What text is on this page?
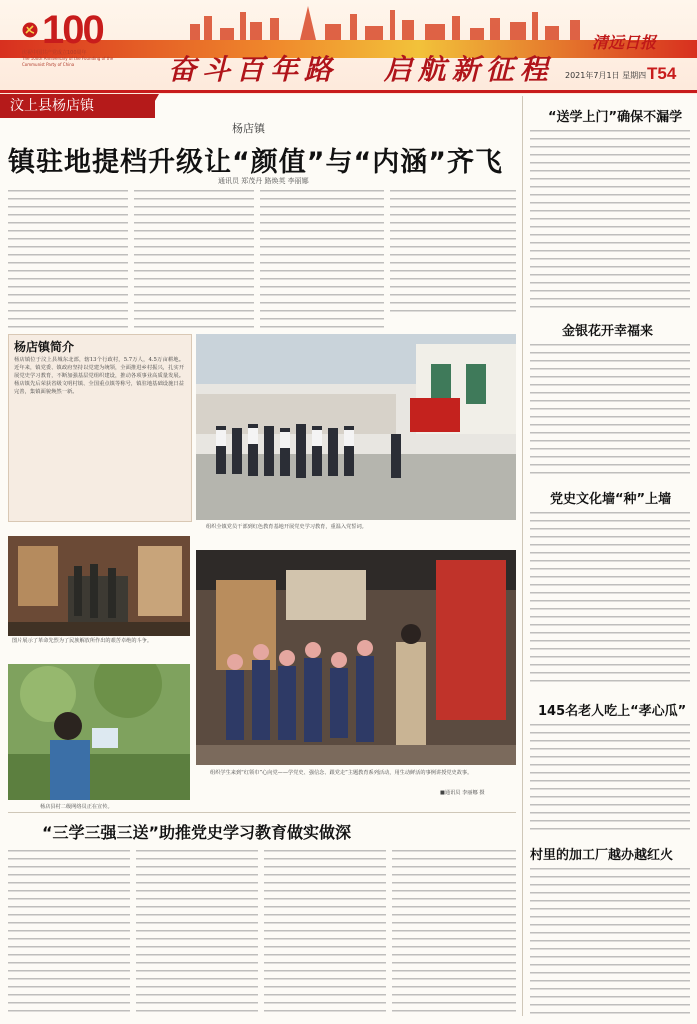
100
庆祝中国共产党成立100周年
The 100th Anniversary of the Founding of the Communist Party of China	奋斗百年路 启航新征程
清远日报
2021年7月1日 星期四 T54
汶上县杨店镇
杨店镇
镇驻地提档升级让“颜值”与“内涵”齐飞
通讯员 郑茂丹 路焕英 李丽娜
杨店镇简介
杨店镇位于汶上县城东北部，辖13个行政村，5.7万人，4.5万亩耕地。近年来，镇党委、镇政府坚持以党建为统领，全面推进乡村振兴，扎实开展党史学习教育，不断加强基层党组织建设，推动各项事业高质量发展。杨店镇先后荣获省级文明村镇、全国重点镇等称号，镇驻地基础设施日益完善，集镇面貌焕然一新。
组织全镇党员干部到红色教育基地开展党史学习教育，重温入党誓词。
图片展示了革命先烈为了民族解放所作出的艰苦卓绝的斗争。
杨店县村二级网络员正在宣传。
组织学生来到“红领巾”心向党——学党史、强信念、跟党走”主题教育系列活动，用生动鲜活的事例讲授党史故事。
■通讯员 李丽娜 摄
“三学三强三送”助推党史学习教育做实做深
“送学上门”确保不漏学
金银花开幸福来
党史文化墙“种”上墙
145名老人吃上“孝心瓜”
村里的加工厂越办越红火
